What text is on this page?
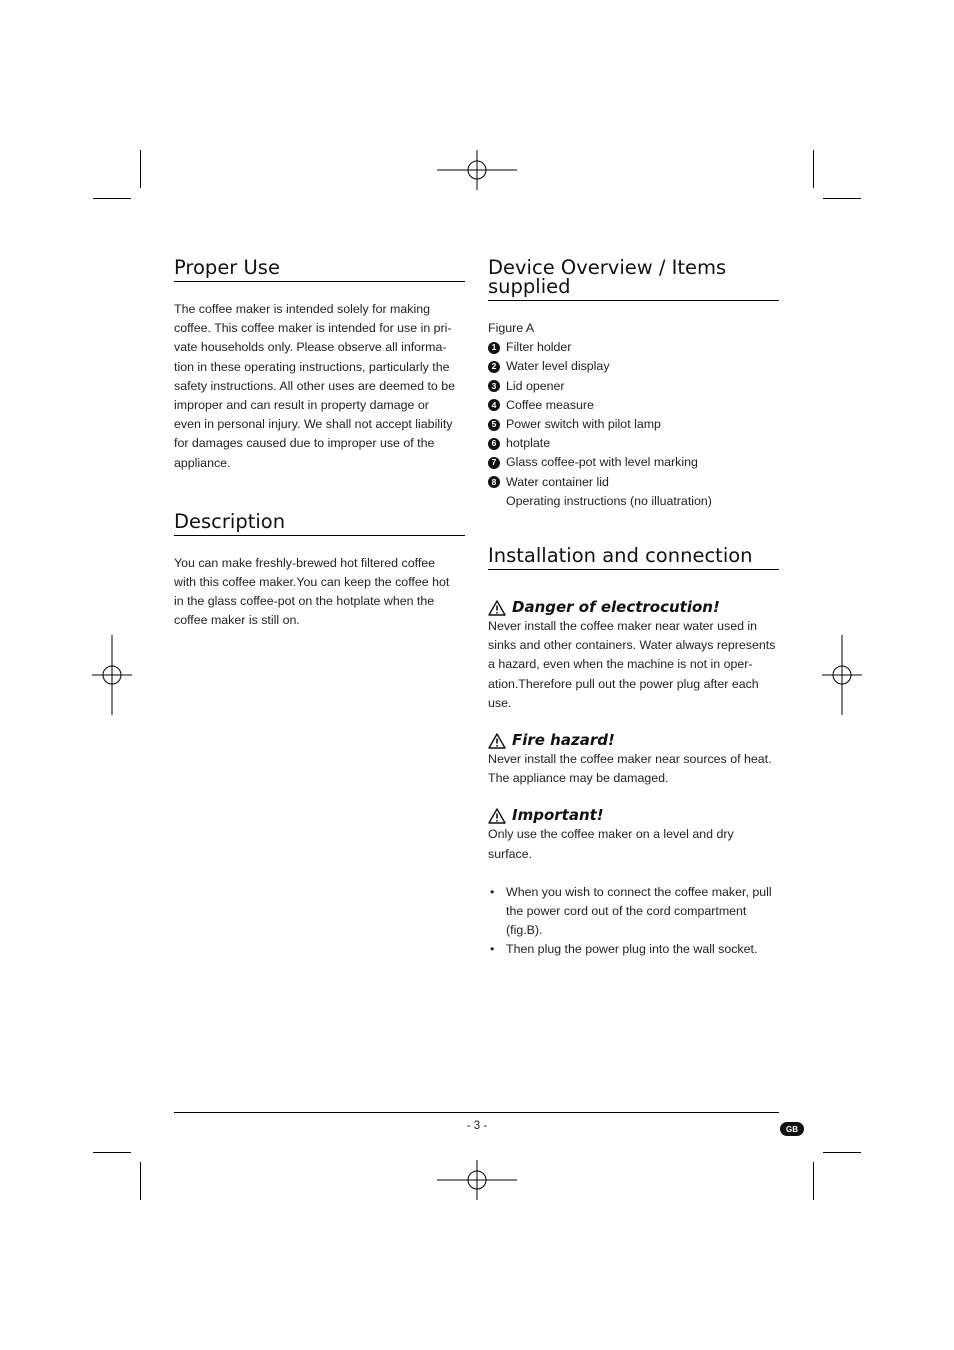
Proper Use

The coffee maker is intended solely for making
coffee. This coffee maker is intended for use in pri-
vate households only. Please observe all informa-
tion in these operating instructions, particularly the
safety instructions. All other uses are deemed to be
improper and can result in property damage or
even in personal injury. We shall not accept liability
for damages caused due to improper use of the
appliance.

Description

You can make freshly-brewed hot filtered coffee
with this coffee maker.You can keep the coffee hot
in the glass coffee-pot on the hotplate when the
coffee maker is still on.

Device Overview / Items
supplied

Figure A

1 Filter holder
2 Water level display
3 Lid opener
4 Coffee measure
5 Power switch with pilot lamp
6 hotplate
7 Glass coffee-pot with level marking
8 Water container lid
Operating instructions (no illuatration)
Installation and connection
Danger of electrocution!

Never install the coffee maker near water used in
sinks and other containers. Water always represents
a hazard, even when the machine is not in oper-
ation.Therefore pull out the power plug after each
use.

Fire hazard!

Never install the coffee maker near sources of heat.
The appliance may be damaged.

Important!

Only use the coffee maker on a level and dry
surface.

• When you wish to connect the coffee maker, pull
the power cord out of the cord compartment
(fig.B).
• Then plug the power plug into the wall socket.
- 3 -	GB
